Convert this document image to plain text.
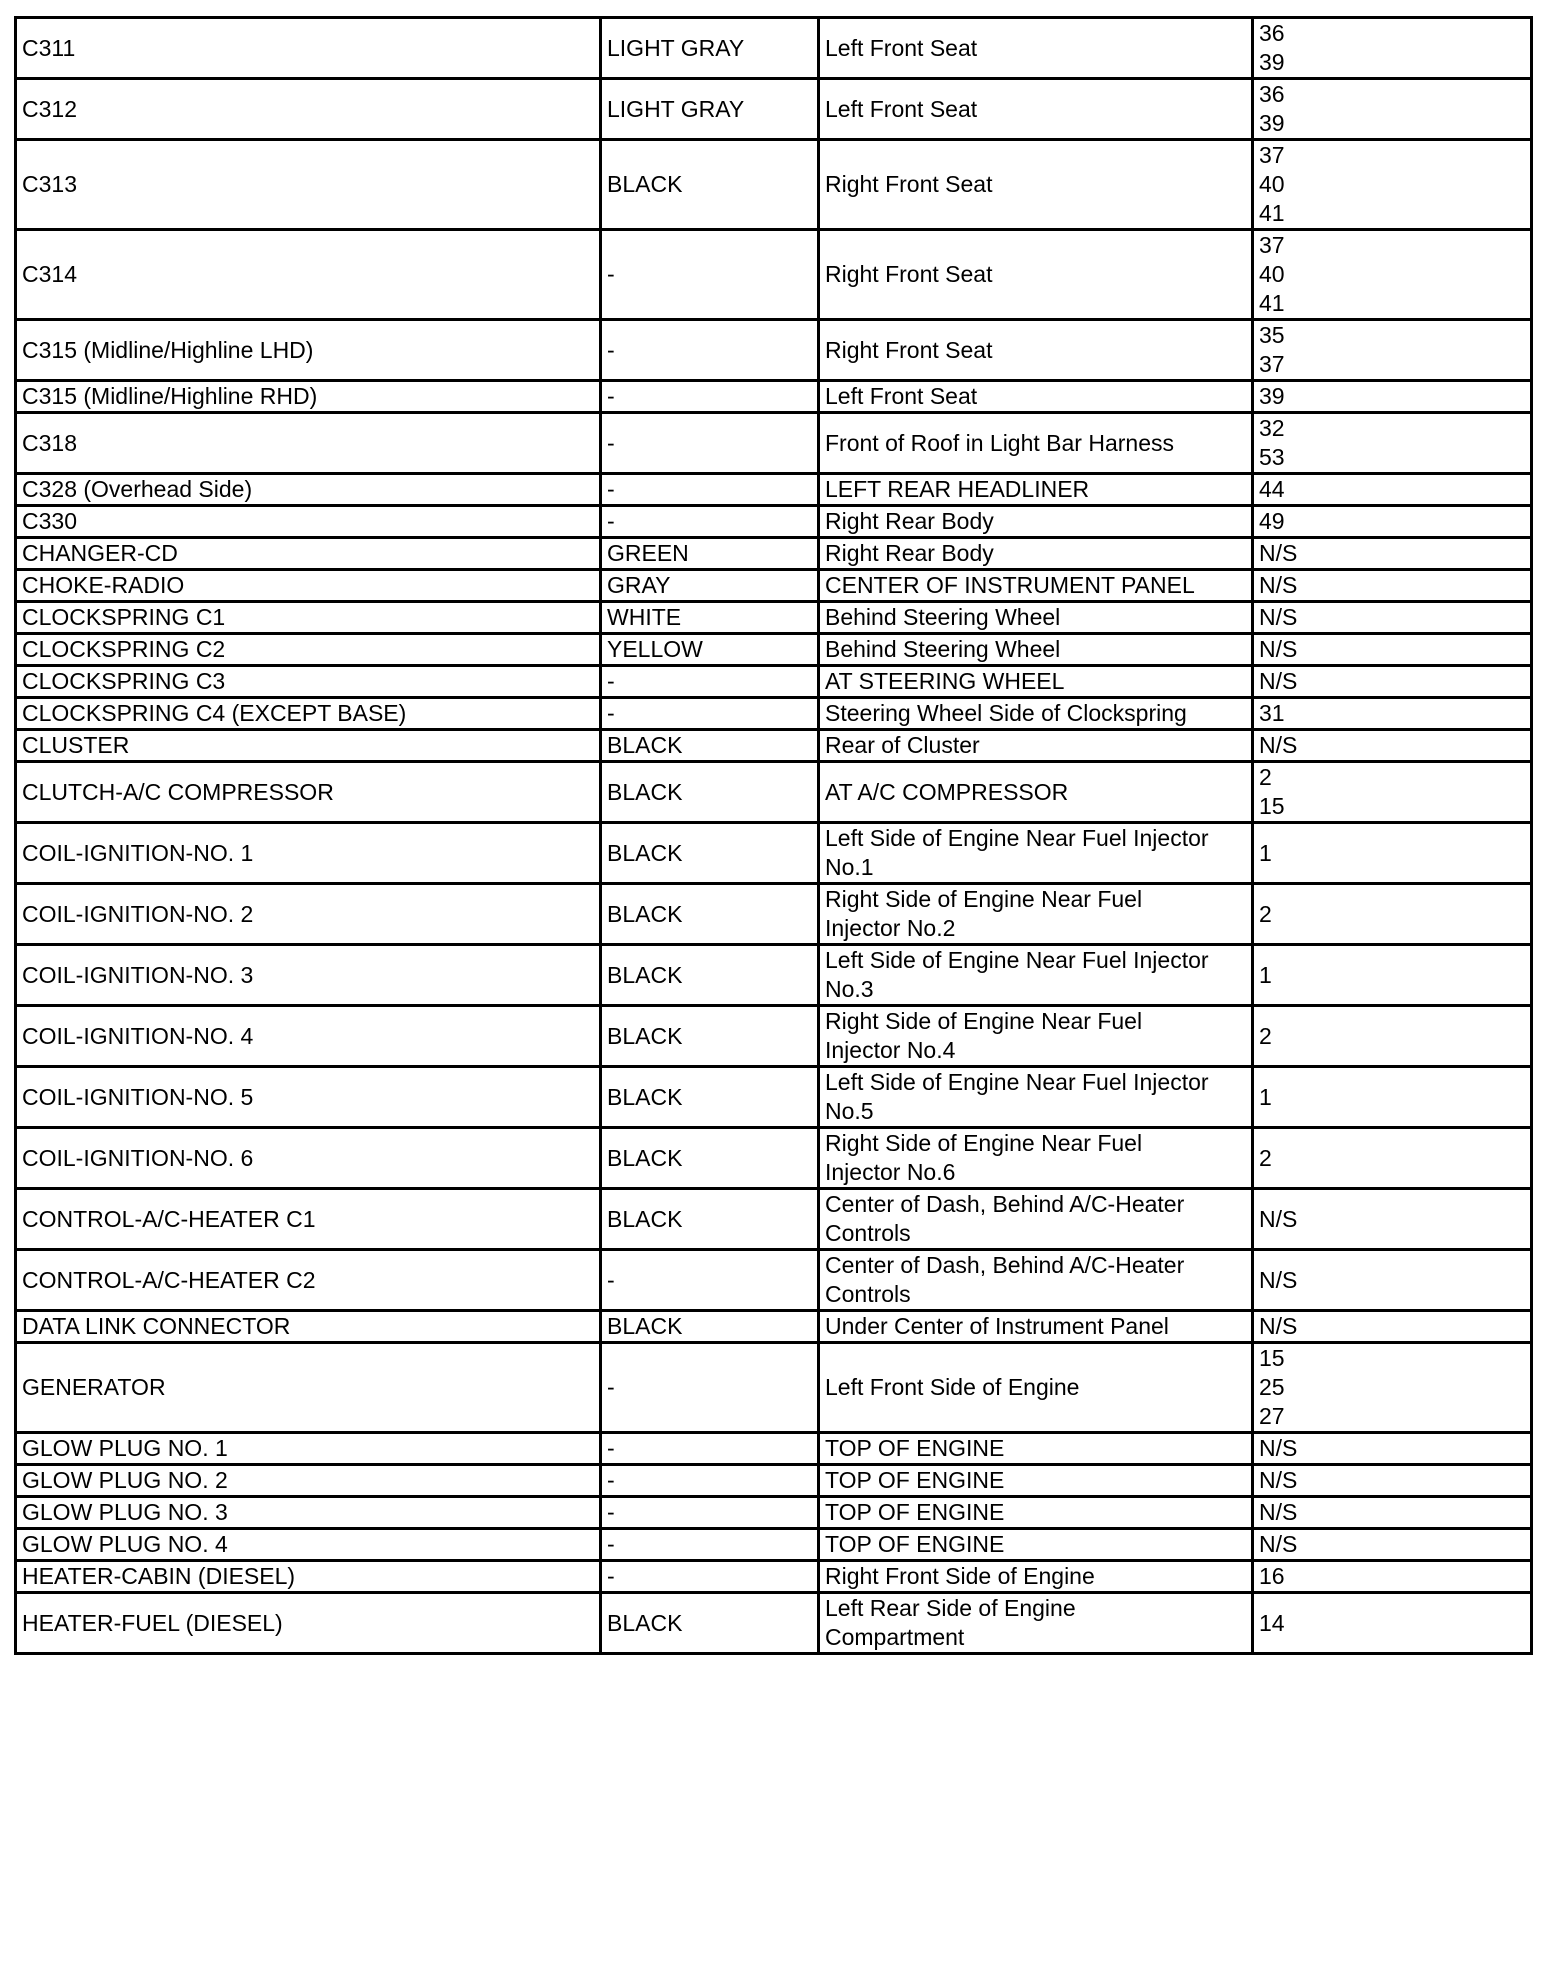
C311	LIGHT GRAY	Left Front Seat	36
39
C312	LIGHT GRAY	Left Front Seat	36
39
C313	BLACK	Right Front Seat	37
40
41
C314	-	Right Front Seat	37
40
41
C315 (Midline/Highline LHD)	-	Right Front Seat	35
37
C315 (Midline/Highline RHD)	-	Left Front Seat	39
C318	-	Front of Roof in Light Bar Harness	32
53
C328 (Overhead Side)	-	LEFT REAR HEADLINER	44
C330	-	Right Rear Body	49
CHANGER-CD	GREEN	Right Rear Body	N/S
CHOKE-RADIO	GRAY	CENTER OF INSTRUMENT PANEL	N/S
CLOCKSPRING C1	WHITE	Behind Steering Wheel	N/S
CLOCKSPRING C2	YELLOW	Behind Steering Wheel	N/S
CLOCKSPRING C3	-	AT STEERING WHEEL	N/S
CLOCKSPRING C4 (EXCEPT BASE)	-	Steering Wheel Side of Clockspring	31
CLUSTER	BLACK	Rear of Cluster	N/S
CLUTCH-A/C COMPRESSOR	BLACK	AT A/C COMPRESSOR	2
15
COIL-IGNITION-NO. 1	BLACK	Left Side of Engine Near Fuel Injector
No.1	1
COIL-IGNITION-NO. 2	BLACK	Right Side of Engine Near Fuel
Injector No.2	2
COIL-IGNITION-NO. 3	BLACK	Left Side of Engine Near Fuel Injector
No.3	1
COIL-IGNITION-NO. 4	BLACK	Right Side of Engine Near Fuel
Injector No.4	2
COIL-IGNITION-NO. 5	BLACK	Left Side of Engine Near Fuel Injector
No.5	1
COIL-IGNITION-NO. 6	BLACK	Right Side of Engine Near Fuel
Injector No.6	2
CONTROL-A/C-HEATER C1	BLACK	Center of Dash, Behind A/C-Heater
Controls	N/S
CONTROL-A/C-HEATER C2	-	Center of Dash, Behind A/C-Heater
Controls	N/S
DATA LINK CONNECTOR	BLACK	Under Center of Instrument Panel	N/S
GENERATOR	-	Left Front Side of Engine	15
25
27
GLOW PLUG NO. 1	-	TOP OF ENGINE	N/S
GLOW PLUG NO. 2	-	TOP OF ENGINE	N/S
GLOW PLUG NO. 3	-	TOP OF ENGINE	N/S
GLOW PLUG NO. 4	-	TOP OF ENGINE	N/S
HEATER-CABIN (DIESEL)	-	Right Front Side of Engine	16
HEATER-FUEL (DIESEL)	BLACK	Left Rear Side of Engine
Compartment	14
